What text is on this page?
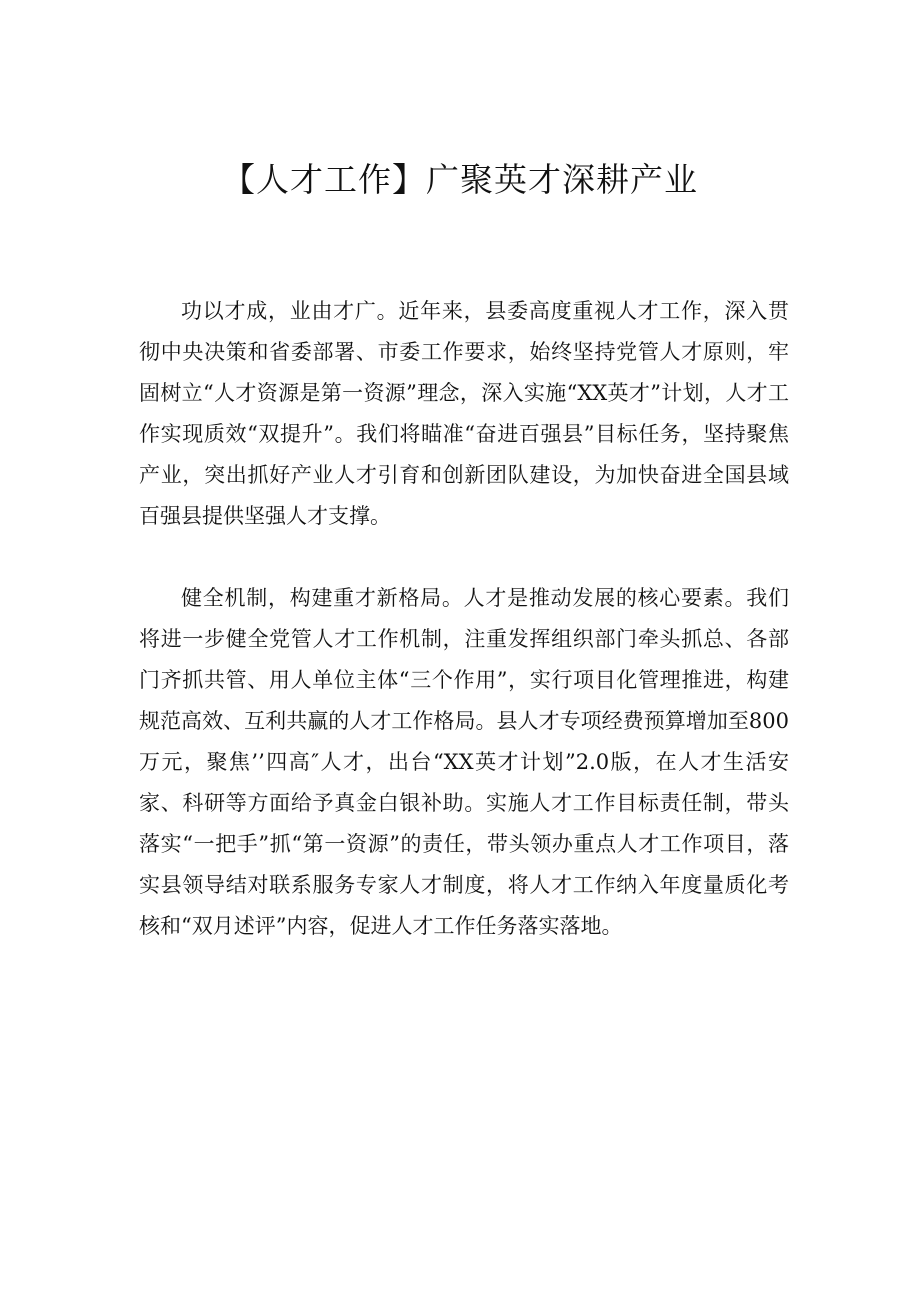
【人才工作】广聚英才深耕产业

功以才成，业由才广。近年来，县委高度重视人才工作，深入贯彻中央决策和省委部署、市委工作要求，始终坚持党管人才原则，牢固树立“人才资源是第一资源”理念，深入实施“XX英才”计划，人才工作实现质效“双提升”。我们将瞄准“奋进百强县”目标任务，坚持聚焦产业，突出抓好产业人才引育和创新团队建设，为加快奋进全国县域百强县提供坚强人才支撑。

健全机制，构建重才新格局。人才是推动发展的核心要素。我们将进一步健全党管人才工作机制，注重发挥组织部门牵头抓总、各部门齐抓共管、用人单位主体“三个作用”，实行项目化管理推进，构建规范高效、互利共赢的人才工作格局。县人才专项经费预算增加至800万元，聚焦’’四高″人才，出台“XX英才计划”2.0版，在人才生活安家、科研等方面给予真金白银补助。实施人才工作目标责任制，带头落实“一把手”抓“第一资源”的责任，带头领办重点人才工作项目，落实县领导结对联系服务专家人才制度，将人才工作纳入年度量质化考核和“双月述评”内容，促进人才工作任务落实落地。
